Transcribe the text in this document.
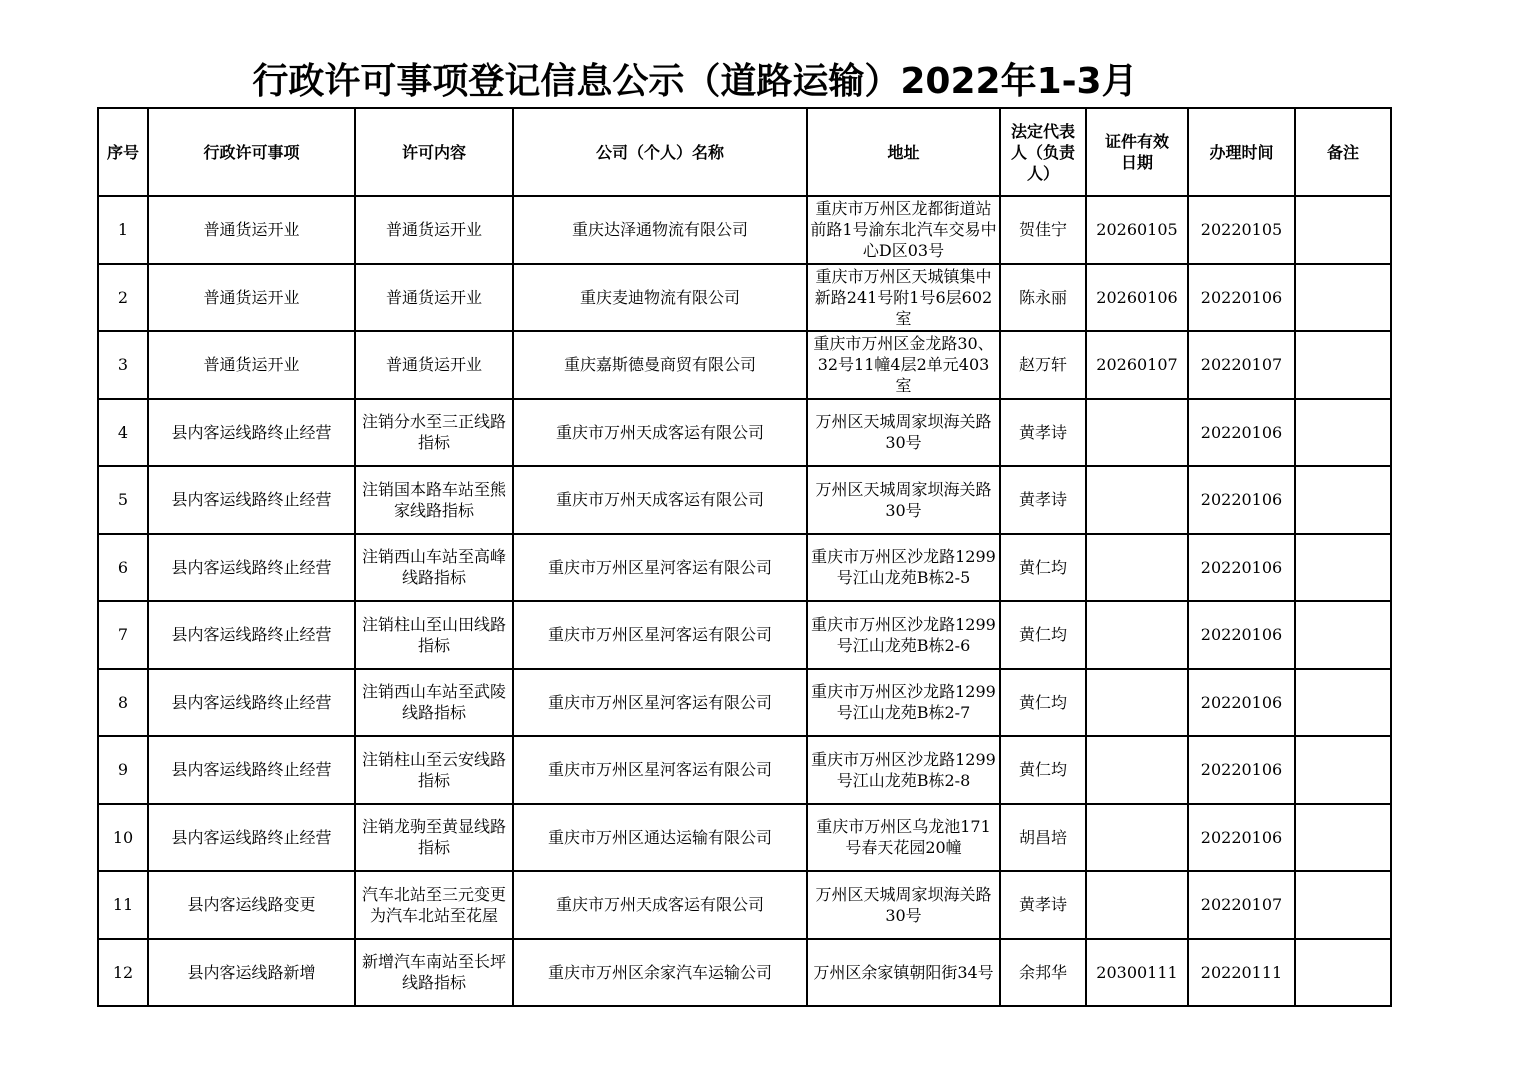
行政许可事项登记信息公示（道路运输）2022年1-3月
序号	行政许可事项	许可内容	公司（个人）名称	地址	法定代表人（负责人）	证件有效日期	办理时间	备注
1	普通货运开业	普通货运开业	重庆达泽通物流有限公司	重庆市万州区龙都街道站前路1号渝东北汽车交易中心D区03号	贺佳宁	20260105	20220105	
2	普通货运开业	普通货运开业	重庆麦迪物流有限公司	重庆市万州区天城镇集中新路241号附1号6层602室	陈永丽	20260106	20220106	
3	普通货运开业	普通货运开业	重庆嘉斯德曼商贸有限公司	重庆市万州区金龙路30、32号11幢4层2单元403室	赵万轩	20260107	20220107	
4	县内客运线路终止经营	注销分水至三正线路指标	重庆市万州天成客运有限公司	万州区天城周家坝海关路30号	黄孝诗		20220106	
5	县内客运线路终止经营	注销国本路车站至熊家线路指标	重庆市万州天成客运有限公司	万州区天城周家坝海关路30号	黄孝诗		20220106	
6	县内客运线路终止经营	注销西山车站至高峰线路指标	重庆市万州区星河客运有限公司	重庆市万州区沙龙路1299号江山龙苑B栋2-5	黄仁均		20220106	
7	县内客运线路终止经营	注销柱山至山田线路指标	重庆市万州区星河客运有限公司	重庆市万州区沙龙路1299号江山龙苑B栋2-6	黄仁均		20220106	
8	县内客运线路终止经营	注销西山车站至武陵线路指标	重庆市万州区星河客运有限公司	重庆市万州区沙龙路1299号江山龙苑B栋2-7	黄仁均		20220106	
9	县内客运线路终止经营	注销柱山至云安线路指标	重庆市万州区星河客运有限公司	重庆市万州区沙龙路1299号江山龙苑B栋2-8	黄仁均		20220106	
10	县内客运线路终止经营	注销龙驹至黄显线路指标	重庆市万州区通达运输有限公司	重庆市万州区乌龙池171号春天花园20幢	胡昌培		20220106	
11	县内客运线路变更	汽车北站至三元变更为汽车北站至花屋	重庆市万州天成客运有限公司	万州区天城周家坝海关路30号	黄孝诗		20220107	
12	县内客运线路新增	新增汽车南站至长坪线路指标	重庆市万州区余家汽车运输公司	万州区余家镇朝阳街34号	余邦华	20300111	20220111	
